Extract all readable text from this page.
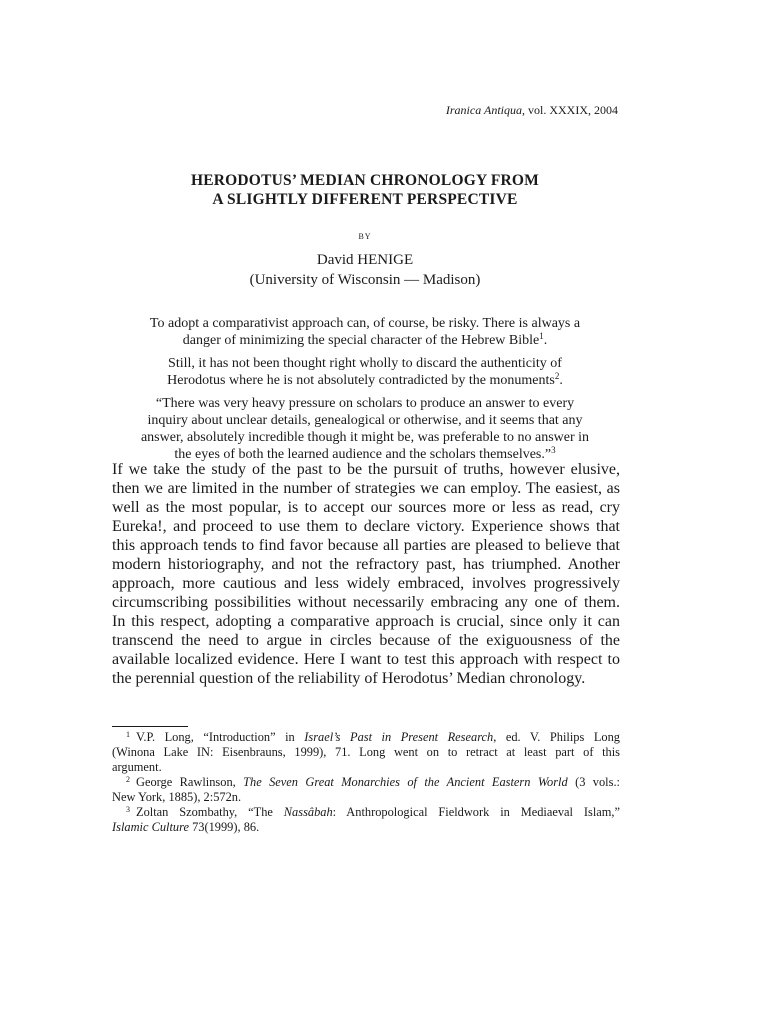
Iranica Antiqua, vol. XXXIX, 2004
HERODOTUS’ MEDIAN CHRONOLOGY FROM
A SLIGHTLY DIFFERENT PERSPECTIVE
BY
David HENIGE
(University of Wisconsin — Madison)
To adopt a comparativist approach can, of course, be risky. There is always a
danger of minimizing the special character of the Hebrew Bible$^1$.
Still, it has not been thought right wholly to discard the authenticity of
Herodotus where he is not absolutely contradicted by the monuments$^2$.
“There was very heavy pressure on scholars to produce an answer to every
inquiry about unclear details, genealogical or otherwise, and it seems that any
answer, absolutely incredible though it might be, was preferable to no answer in
the eyes of both the learned audience and the scholars themselves.”$^3$
If we take the study of the past to be the pursuit of truths, however elusive,
then we are limited in the number of strategies we can employ. The easiest, as
well as the most popular, is to accept our sources more or less as read, cry
Eureka!, and proceed to use them to declare victory. Experience shows that
this approach tends to find favor because all parties are pleased to believe that
modern historiography, and not the refractory past, has triumphed. Another
approach, more cautious and less widely embraced, involves progressively
circumscribing possibilities without necessarily embracing any one of them.
In this respect, adopting a comparative approach is crucial, since only it can
transcend the need to argue in circles because of the exiguousness of the
available localized evidence. Here I want to test this approach with respect to
the perennial question of the reliability of Herodotus’ Median chronology.
$^1$ V.P. Long, “Introduction” in Israel’s Past in Present Research, ed. V. Philips Long
(Winona Lake IN: Eisenbrauns, 1999), 71. Long went on to retract at least part of this
argument.
$^2$ George Rawlinson, The Seven Great Monarchies of the Ancient Eastern World (3 vols.:
New York, 1885), 2:572n.
$^3$ Zoltan Szombathy, “The Nassâbah: Anthropological Fieldwork in Mediaeval Islam,”
Islamic Culture 73(1999), 86.
